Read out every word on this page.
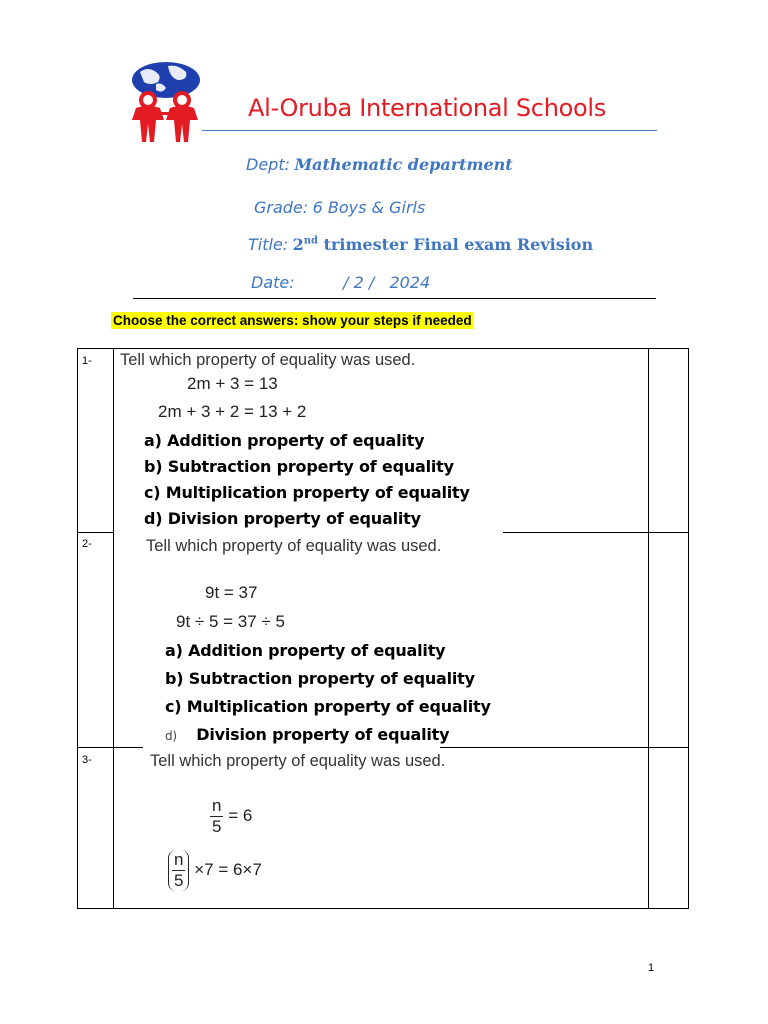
Al-Oruba International Schools
Dept: Mathematic department
Grade: 6 Boys & Girls
Title: 2nd trimester Final exam Revision
Date:	/ 2 /   2024
Choose the correct answers: show your steps if needed
1- Tell which property of equality was used.
2m + 3 = 13
2m + 3 + 2 = 13 + 2
a) Addition property of equality
b) Subtraction property of equality
c) Multiplication property of equality
d) Division property of equality
2-	Tell which property of equality was used.
9t = 37
9t ÷ 5 = 37 ÷ 5
a) Addition property of equality
b) Subtraction property of equality
c) Multiplication property of equality
d) Division property of equality
3-	Tell which property of equality was used.
$\frac{n}{5} = 6$
$\frac{n}{5} \times 7 = 6\times 7$
1
